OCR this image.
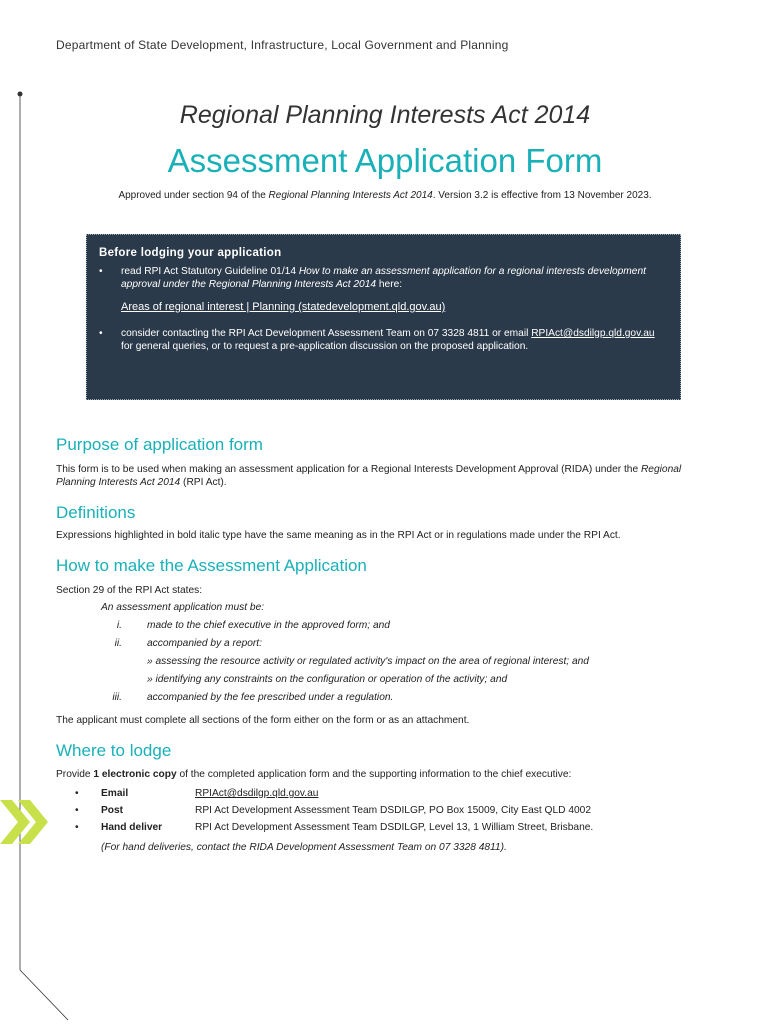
Department of State Development, Infrastructure, Local Government and Planning
Regional Planning Interests Act 2014
Assessment Application Form
Approved under section 94 of the Regional Planning Interests Act 2014. Version 3.2 is effective from 13 November 2023.
Before lodging your application
• read RPI Act Statutory Guideline 01/14 How to make an assessment application for a regional interests development approval under the Regional Planning Interests Act 2014 here:
Areas of regional interest | Planning (statedevelopment.qld.gov.au)
• consider contacting the RPI Act Development Assessment Team on 07 3328 4811 or email RPIAct@dsdilgp.qld.gov.au for general queries, or to request a pre-application discussion on the proposed application.
Purpose of application form
This form is to be used when making an assessment application for a Regional Interests Development Approval (RIDA) under the Regional Planning Interests Act 2014 (RPI Act).
Definitions
Expressions highlighted in bold italic type have the same meaning as in the RPI Act or in regulations made under the RPI Act.
How to make the Assessment Application
Section 29 of the RPI Act states:
An assessment application must be:
i. made to the chief executive in the approved form; and
ii. accompanied by a report:
» assessing the resource activity or regulated activity's impact on the area of regional interest; and
» identifying any constraints on the configuration or operation of the activity; and
iii. accompanied by the fee prescribed under a regulation.
The applicant must complete all sections of the form either on the form or as an attachment.
Where to lodge
Provide 1 electronic copy of the completed application form and the supporting information to the chief executive:
• Email	RPIAct@dsdilgp.qld.gov.au
• Post	RPI Act Development Assessment Team DSDILGP, PO Box 15009, City East QLD 4002
• Hand deliver	RPI Act Development Assessment Team DSDILGP, Level 13, 1 William Street, Brisbane.
(For hand deliveries, contact the RIDA Development Assessment Team on 07 3328 4811).
